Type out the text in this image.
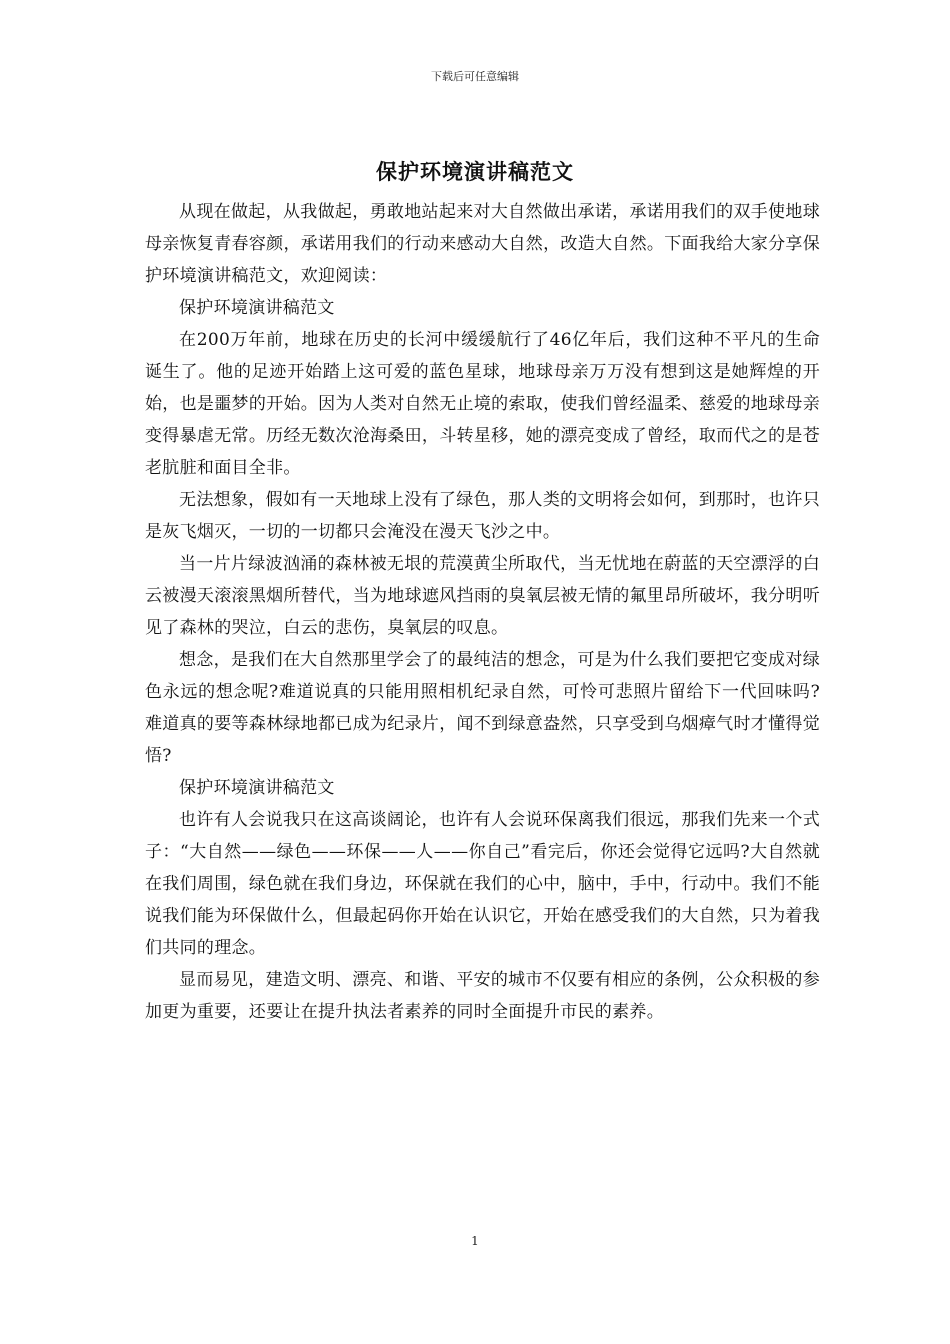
下载后可任意编辑
保护环境演讲稿范文

从现在做起，从我做起，勇敢地站起来对大自然做出承诺，承诺用我们的双手使地球母亲恢复青春容颜，承诺用我们的行动来感动大自然，改造大自然。下面我给大家分享保护环境演讲稿范文，欢迎阅读：

保护环境演讲稿范文

在200万年前，地球在历史的长河中缓缓航行了46亿年后，我们这种不平凡的生命诞生了。他的足迹开始踏上这可爱的蓝色星球，地球母亲万万没有想到这是她辉煌的开始，也是噩梦的开始。因为人类对自然无止境的索取，使我们曾经温柔、慈爱的地球母亲变得暴虐无常。历经无数次沧海桑田，斗转星移，她的漂亮变成了曾经，取而代之的是苍老肮脏和面目全非。

无法想象，假如有一天地球上没有了绿色，那人类的文明将会如何，到那时，也许只是灰飞烟灭，一切的一切都只会淹没在漫天飞沙之中。

当一片片绿波汹涌的森林被无垠的荒漠黄尘所取代，当无忧地在蔚蓝的天空漂浮的白云被漫天滚滚黑烟所替代，当为地球遮风挡雨的臭氧层被无情的氟里昂所破坏，我分明听见了森林的哭泣，白云的悲伤，臭氧层的叹息。

想念，是我们在大自然那里学会了的最纯洁的想念，可是为什么我们要把它变成对绿色永远的想念呢?难道说真的只能用照相机纪录自然，可怜可悲照片留给下一代回味吗?难道真的要等森林绿地都已成为纪录片，闻不到绿意盎然，只享受到乌烟瘴气时才懂得觉悟?

保护环境演讲稿范文

也许有人会说我只在这高谈阔论，也许有人会说环保离我们很远，那我们先来一个式子：“大自然——绿色——环保——人——你自己”看完后，你还会觉得它远吗?大自然就在我们周围，绿色就在我们身边，环保就在我们的心中，脑中，手中，行动中。我们不能说我们能为环保做什么，但最起码你开始在认识它，开始在感受我们的大自然，只为着我们共同的理念。

显而易见，建造文明、漂亮、和谐、平安的城市不仅要有相应的条例，公众积极的参加更为重要，还要让在提升执法者素养的同时全面提升市民的素养。

1
